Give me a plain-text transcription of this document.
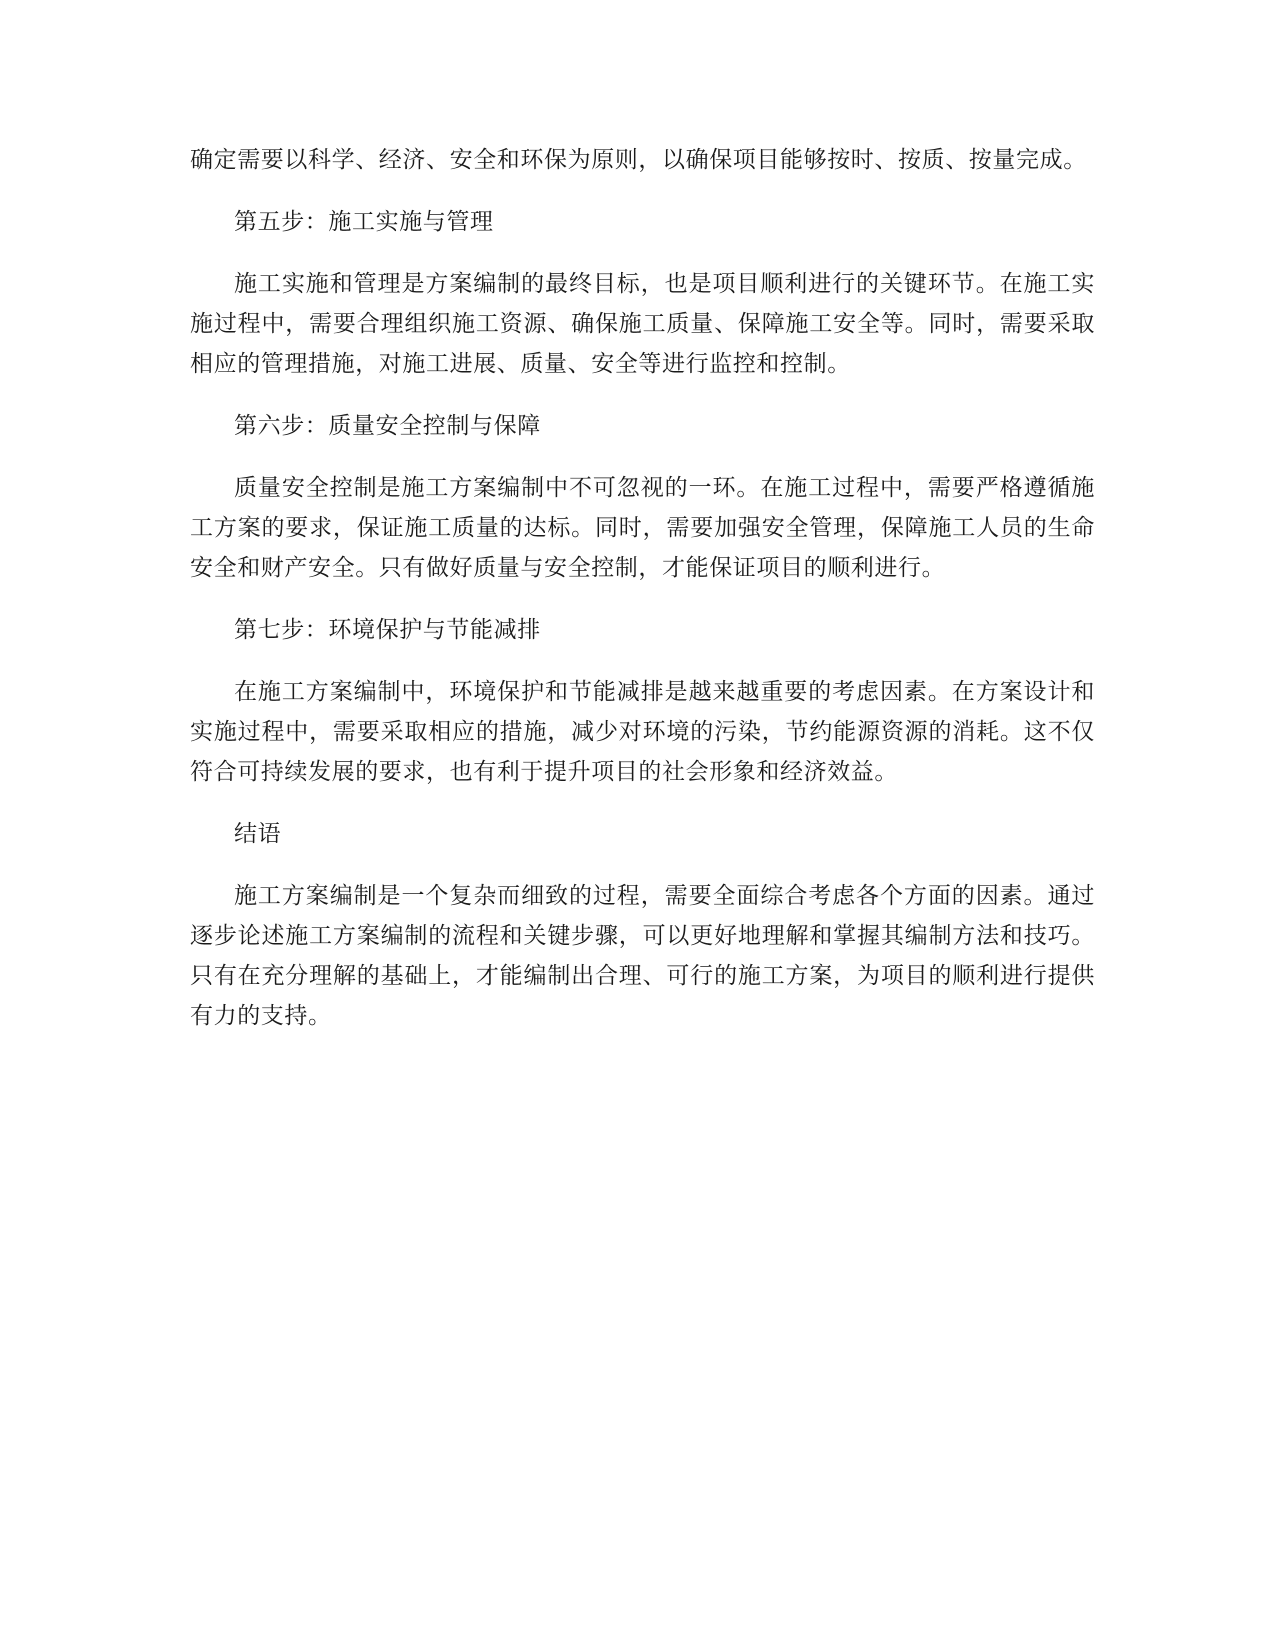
确定需要以科学、经济、安全和环保为原则，以确保项目能够按时、按质、按量完成。

第五步：施工实施与管理

施工实施和管理是方案编制的最终目标，也是项目顺利进行的关键环节。在施工实施过程中，需要合理组织施工资源、确保施工质量、保障施工安全等。同时，需要采取相应的管理措施，对施工进展、质量、安全等进行监控和控制。

第六步：质量安全控制与保障

质量安全控制是施工方案编制中不可忽视的一环。在施工过程中，需要严格遵循施工方案的要求，保证施工质量的达标。同时，需要加强安全管理，保障施工人员的生命安全和财产安全。只有做好质量与安全控制，才能保证项目的顺利进行。

第七步：环境保护与节能减排

在施工方案编制中，环境保护和节能减排是越来越重要的考虑因素。在方案设计和实施过程中，需要采取相应的措施，减少对环境的污染，节约能源资源的消耗。这不仅符合可持续发展的要求，也有利于提升项目的社会形象和经济效益。

结语

施工方案编制是一个复杂而细致的过程，需要全面综合考虑各个方面的因素。通过逐步论述施工方案编制的流程和关键步骤，可以更好地理解和掌握其编制方法和技巧。只有在充分理解的基础上，才能编制出合理、可行的施工方案，为项目的顺利进行提供有力的支持。
